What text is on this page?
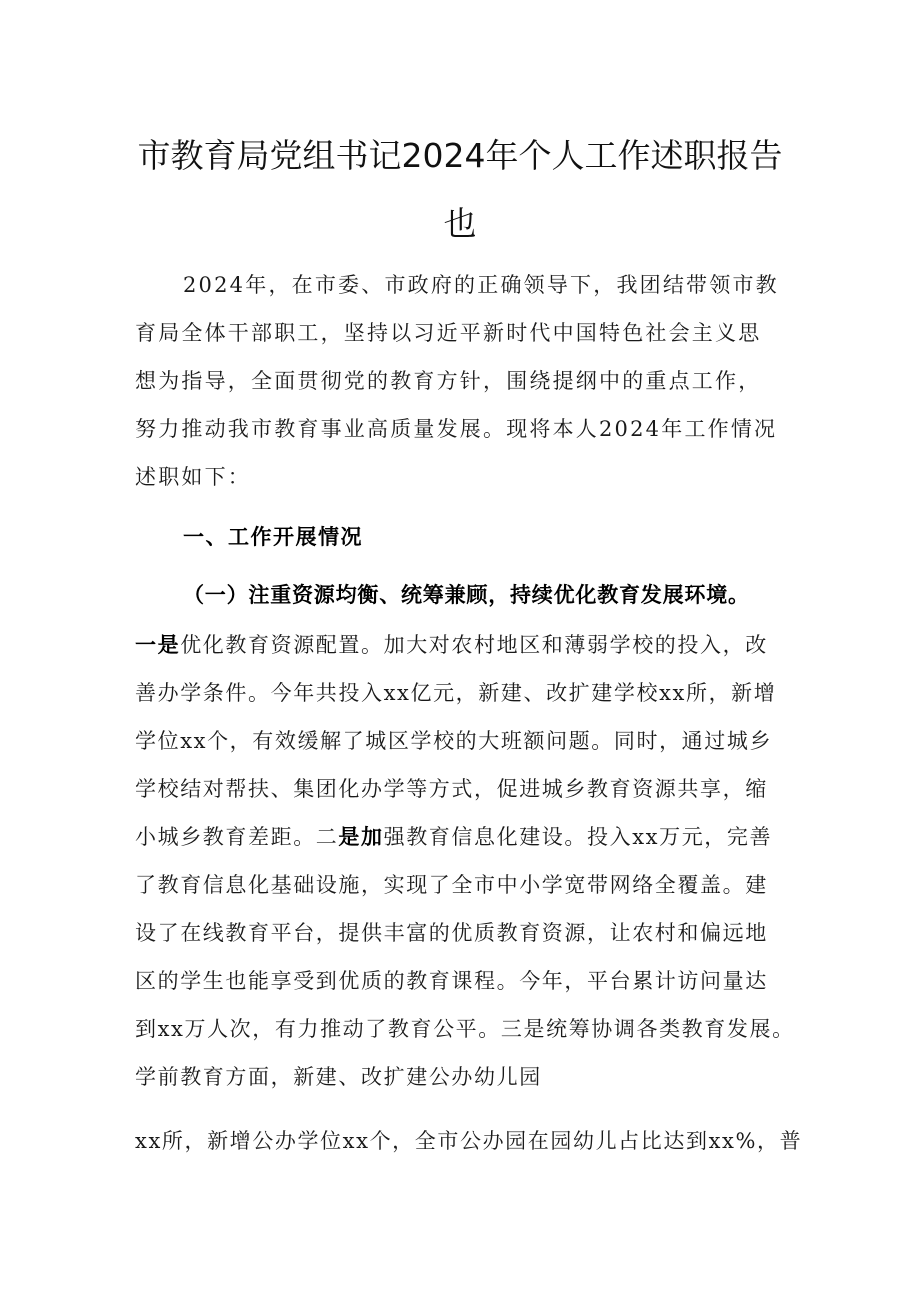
市教育局党组书记2024年个人工作述职报告
也
2024年，在市委、市政府的正确领导下，我团结带领市教
育局全体干部职工，坚持以习近平新时代中国特色社会主义思
想为指导，全面贯彻党的教育方针，围绕提纲中的重点工作，
努力推动我市教育事业高质量发展。现将本人2024年工作情况
述职如下：
一、工作开展情况
（一）注重资源均衡、统筹兼顾，持续优化教育发展环境。
一是优化教育资源配置。加大对农村地区和薄弱学校的投入，改
善办学条件。今年共投入xx亿元，新建、改扩建学校xx所，新增
学位xx个，有效缓解了城区学校的大班额问题。同时，通过城乡
学校结对帮扶、集团化办学等方式，促进城乡教育资源共享，缩
小城乡教育差距。二是加强教育信息化建设。投入xx万元，完善
了教育信息化基础设施，实现了全市中小学宽带网络全覆盖。建
设了在线教育平台，提供丰富的优质教育资源，让农村和偏远地
区的学生也能享受到优质的教育课程。今年，平台累计访问量达
到xx万人次，有力推动了教育公平。三是统筹协调各类教育发展。
学前教育方面，新建、改扩建公办幼儿园
xx所，新增公办学位xx个，全市公办园在园幼儿占比达到xx%，普
